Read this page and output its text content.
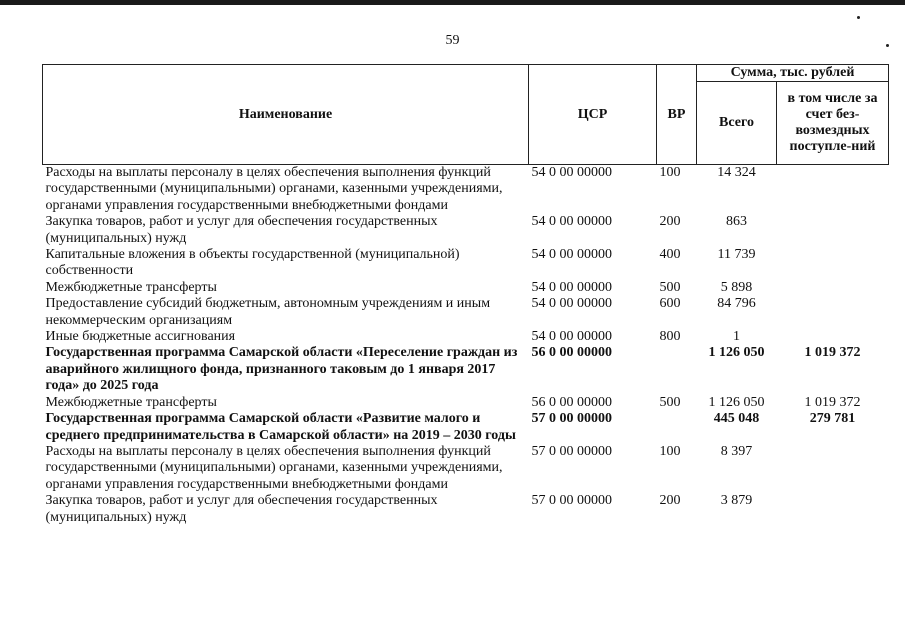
59
Наименование	ЦСР	ВР	Сумма, тыс. рублей	
			Всего	в том числе за счет без-возмездных поступле-ний
Расходы на выплаты персоналу в целях обеспечения выполнения функций государственными (муниципальными) органами, казенными учреждениями, органами управления государственными внебюджетными фондами	54 0 00 00000	100	14 324	
Закупка товаров, работ и услуг для обеспечения государственных (муниципальных) нужд	54 0 00 00000	200	863	
Капитальные вложения в объекты государственной (муниципальной) собственности	54 0 00 00000	400	11 739	
Межбюджетные трансферты	54 0 00 00000	500	5 898	
Предоставление субсидий бюджетным, автономным учреждениям и иным некоммерческим организациям	54 0 00 00000	600	84 796	
Иные бюджетные ассигнования	54 0 00 00000	800	1	
Государственная программа Самарской области «Переселение граждан из аварийного жилищного фонда, признанного таковым до 1 января 2017 года» до 2025 года	56 0 00 00000		1 126 050	1 019 372
Межбюджетные трансферты	56 0 00 00000	500	1 126 050	1 019 372
Государственная программа Самарской области «Развитие малого и среднего предпринимательства в Самарской области» на 2019 – 2030 годы	57 0 00 00000		445 048	279 781
Расходы на выплаты персоналу в целях обеспечения выполнения функций государственными (муниципальными) органами, казенными учреждениями, органами управления государственными внебюджетными фондами	57 0 00 00000	100	8 397	
Закупка товаров, работ и услуг для обеспечения государственных (муниципальных) нужд	57 0 00 00000	200	3 879	
